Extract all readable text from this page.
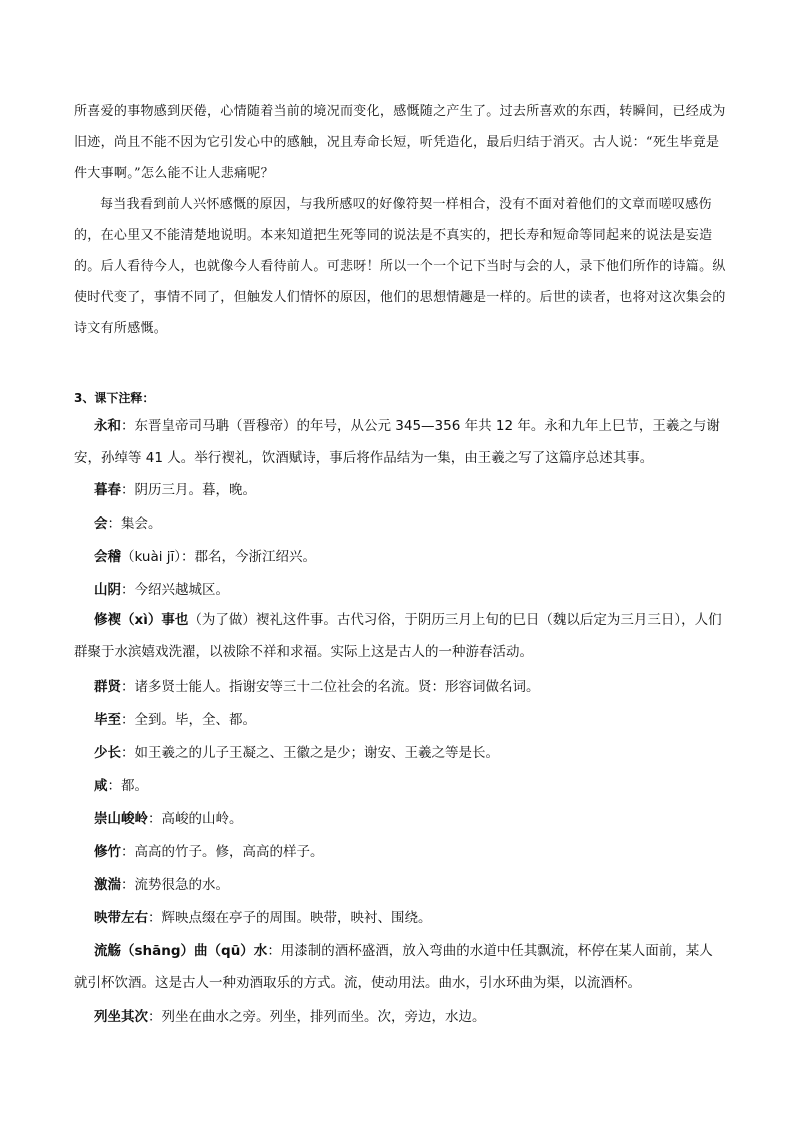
所喜爱的事物感到厌倦，心情随着当前的境况而变化，感慨随之产生了。过去所喜欢的东西，转瞬间，已经成为旧迹，尚且不能不因为它引发心中的感触，况且寿命长短，听凭造化，最后归结于消灭。古人说：“死生毕竟是件大事啊。”怎么能不让人悲痛呢？

每当我看到前人兴怀感慨的原因，与我所感叹的好像符契一样相合，没有不面对着他们的文章而嗟叹感伤的，在心里又不能清楚地说明。本来知道把生死等同的说法是不真实的，把长寿和短命等同起来的说法是妄造的。后人看待今人，也就像今人看待前人。可悲呀！所以一个一个记下当时与会的人，录下他们所作的诗篇。纵使时代变了，事情不同了，但触发人们情怀的原因，他们的思想情趣是一样的。后世的读者，也将对这次集会的诗文有所感慨。

3、课下注释：

永和：东晋皇帝司马聃（晋穆帝）的年号，从公元 345—356 年共 12 年。永和九年上巳节，王羲之与谢安，孙绰等 41 人。举行褉礼，饮酒赋诗，事后将作品结为一集，由王羲之写了这篇序总述其事。

暮春：阴历三月。暮，晚。

会：集会。

会稽（kuài jī）：郡名，今浙江绍兴。

山阴：今绍兴越城区。

修褉（xì）事也（为了做）褉礼这件事。古代习俗，于阴历三月上旬的巳日（魏以后定为三月三日），人们群聚于水滨嬉戏洗濯，以祓除不祥和求福。实际上这是古人的一种游春活动。

群贤：诸多贤士能人。指谢安等三十二位社会的名流。贤：形容词做名词。

毕至：全到。毕，全、都。

少长：如王羲之的儿子王凝之、王徽之是少；谢安、王羲之等是长。

咸：都。

崇山峻岭：高峻的山岭。

修竹：高高的竹子。修，高高的样子。

激湍：流势很急的水。

映带左右：辉映点缀在亭子的周围。映带，映衬、围绕。

流觞（shāng）曲（qū）水：用漆制的酒杯盛酒，放入弯曲的水道中任其飘流，杯停在某人面前，某人就引杯饮酒。这是古人一种劝酒取乐的方式。流，使动用法。曲水，引水环曲为渠，以流酒杯。

列坐其次：列坐在曲水之旁。列坐，排列而坐。次，旁边，水边。
